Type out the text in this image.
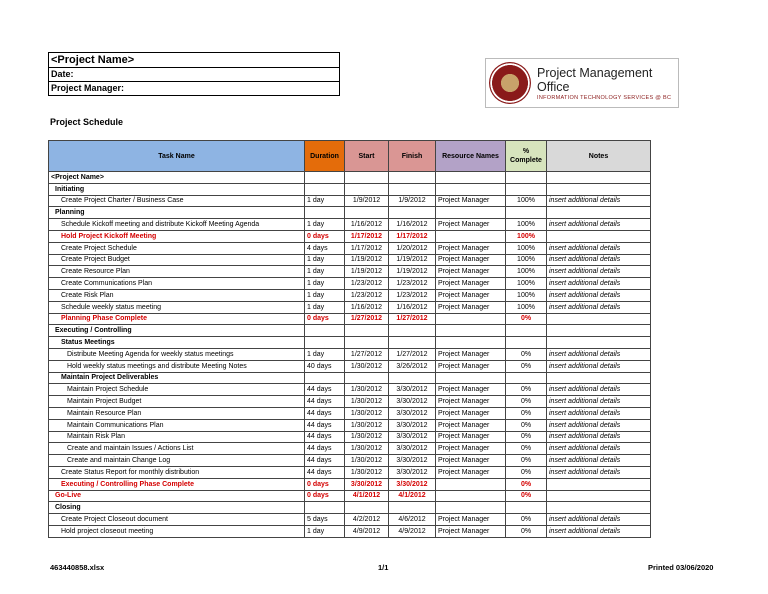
<Project Name>
Date:
Project Manager:
Project Management Office
INFORMATION TECHNOLOGY SERVICES @ BC
Project Schedule
Task Name	Duration	Start	Finish	Resource Names	% Complete	Notes
<Project Name>						
Initiating						
Create Project Charter / Business Case	1 day	1/9/2012	1/9/2012	Project Manager	100%	insert additional details
Planning						
Schedule Kickoff meeting and distribute Kickoff Meeting Agenda	1 day	1/16/2012	1/16/2012	Project Manager	100%	insert additional details
Hold Project Kickoff Meeting	0 days	1/17/2012	1/17/2012		100%	
Create Project Schedule	4 days	1/17/2012	1/20/2012	Project Manager	100%	insert additional details
Create Project Budget	1 day	1/19/2012	1/19/2012	Project Manager	100%	insert additional details
Create Resource Plan	1 day	1/19/2012	1/19/2012	Project Manager	100%	insert additional details
Create Communications Plan	1 day	1/23/2012	1/23/2012	Project Manager	100%	insert additional details
Create Risk Plan	1 day	1/23/2012	1/23/2012	Project Manager	100%	insert additional details
Schedule weekly status meeting	1 day	1/16/2012	1/16/2012	Project Manager	100%	insert additional details
Planning Phase Complete	0 days	1/27/2012	1/27/2012		0%	
Executing / Controlling						
Status Meetings						
Distribute Meeting Agenda for weekly status meetings	1 day	1/27/2012	1/27/2012	Project Manager	0%	insert additional details
Hold weekly status meetings and distribute Meeting Notes	40 days	1/30/2012	3/26/2012	Project Manager	0%	insert additional details
Maintain Project Deliverables						
Maintain Project Schedule	44 days	1/30/2012	3/30/2012	Project Manager	0%	insert additional details
Maintain Project Budget	44 days	1/30/2012	3/30/2012	Project Manager	0%	insert additional details
Maintain Resource Plan	44 days	1/30/2012	3/30/2012	Project Manager	0%	insert additional details
Maintain Communications Plan	44 days	1/30/2012	3/30/2012	Project Manager	0%	insert additional details
Maintain Risk Plan	44 days	1/30/2012	3/30/2012	Project Manager	0%	insert additional details
Create and maintain Issues / Actions List	44 days	1/30/2012	3/30/2012	Project Manager	0%	insert additional details
Create and maintain Change Log	44 days	1/30/2012	3/30/2012	Project Manager	0%	insert additional details
Create Status Report for monthly distribution	44 days	1/30/2012	3/30/2012	Project Manager	0%	insert additional details
Executing / Controlling Phase Complete	0 days	3/30/2012	3/30/2012		0%	
Go-Live	0 days	4/1/2012	4/1/2012		0%	
Closing						
Create Project Closeout document	5 days	4/2/2012	4/6/2012	Project Manager	0%	insert additional details
Hold project closeout meeting	1 day	4/9/2012	4/9/2012	Project Manager	0%	insert additional details
463440858.xlsx	1/1	Printed 03/06/2020
